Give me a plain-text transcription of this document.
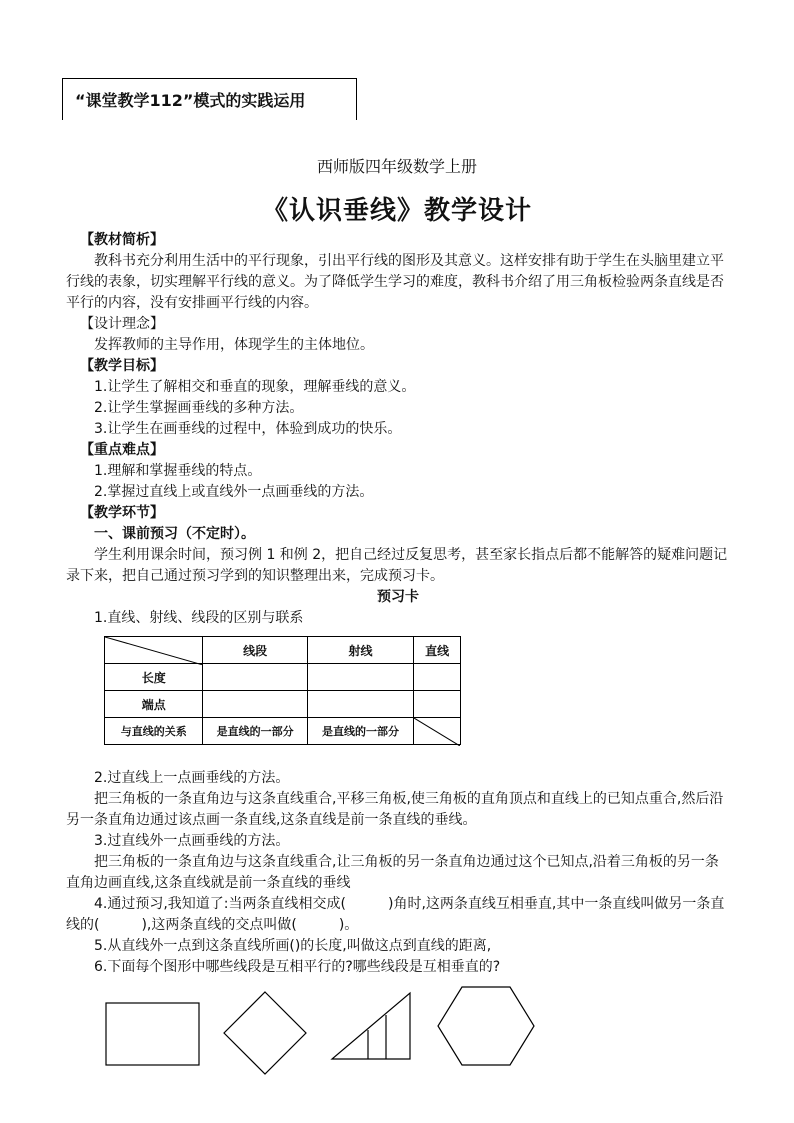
“课堂教学112”模式的实践运用
西师版四年级数学上册
《认识垂线》教学设计

【教材简析】

教科书充分利用生活中的平行现象，引出平行线的图形及其意义。这样安排有助于学生在头脑里建立平行线的表象，切实理解平行线的意义。为了降低学生学习的难度，教科书介绍了用三角板检验两条直线是否平行的内容，没有安排画平行线的内容。

【设计理念】

发挥教师的主导作用，体现学生的主体地位。

【教学目标】

1.让学生了解相交和垂直的现象，理解垂线的意义。

2.让学生掌握画垂线的多种方法。

3.让学生在画垂线的过程中，体验到成功的快乐。

【重点难点】

1.理解和掌握垂线的特点。

2.掌握过直线上或直线外一点画垂线的方法。

【教学环节】

一、课前预习（不定时）。

学生利用课余时间，预习例 1 和例 2，把自己经过反复思考，甚至家长指点后都不能解答的疑难问题记录下来，把自己通过预习学到的知识整理出来，完成预习卡。

预习卡

1.直线、射线、线段的区别与联系

	线段	射线	直线
长度			
端点			
与直线的关系	是直线的一部分	是直线的一部分	

2.过直线上一点画垂线的方法。

把三角板的一条直角边与这条直线重合,平移三角板,使三角板的直角顶点和直线上的已知点重合,然后沿另一条直角边通过该点画一条直线,这条直线是前一条直线的垂线。

3.过直线外一点画垂线的方法。

把三角板的一条直角边与这条直线重合,让三角板的另一条直角边通过这个已知点,沿着三角板的另一条直角边画直线,这条直线就是前一条直线的垂线

4.通过预习,我知道了:当两条直线相交成(　　　)角时,这两条直线互相垂直,其中一条直线叫做另一条直线的(　　　),这两条直线的交点叫做(　　　)。

5.从直线外一点到这条直线所画()的长度,叫做这点到直线的距离,

6.下面每个图形中哪些线段是互相平行的?哪些线段是互相垂直的?
